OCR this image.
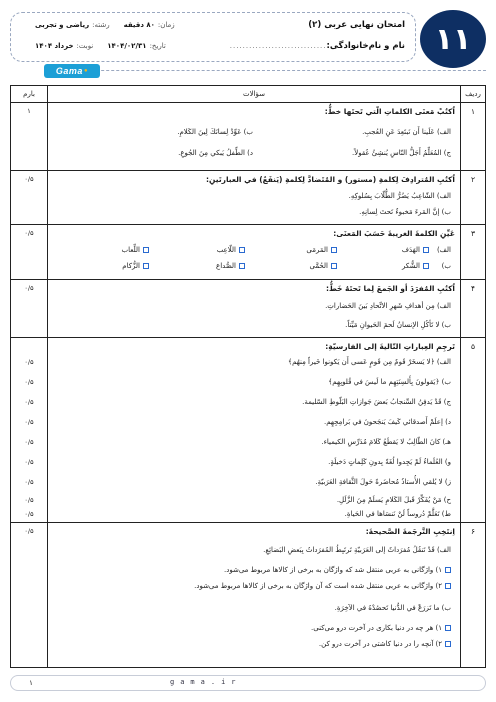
۱۱
امتحان نهایی عربی (۲)
زمان:
۸۰ دقیقه
رشته:
ریاضی و تجربی
نام و نام‌خانوادگی:
..............................
تاریخ:
۱۴۰۴/۰۲/۳۱
نوبت:
خرداد ۱۴۰۴
Gama ●
ردیف
سؤالات
بارم
۱
۱	اُكتُبْ مَعنَى الكلماتِ الّتي تَحتَها خطٌّ:
الف) عَلَينا أَن نَبتَعِدَ عَنِ العُجبِ.
ب) عَوِّدْ لِسانَكَ لِينَ الكَلامِ.
ج) المُعَلِّمُ أَجَلُّ النّاسِ يُنشِئُ عُقولاً.
د) الطِّفلُ يَبكي مِنَ الجُوعِ.
۲
۰/۵	اُكتُبِ المُترادِفَ لِكلمةِ (مستور) و المُتَضادَّ لِكلمةِ (يَنفَعُ) في العبارتَينِ:
الف) الشّاعِبُ يَضُرُّ الطُّلّابَ بِسُلوكِهِ.
ب) إنَّ المَرءَ مَخبوءٌ تَحتَ لِسانِهِ.
۳
۰/۵	عَيِّنِ الكلمةَ الغريبةَ حَسَبَ المَعنَى:
الف)
الهَدَف
المَرمَى
اللّاعِب
اللِّعاب
ب)
الشُّكر
الحُمَّى
الصُّداع
الزُّكام
۴
۰/۵	اُكتُبِ المُفرَدَ أو الجَمعَ لِما تَحتَهُ خَطٌّ:
الف) مِن أهدافِ شَهرِ الاتِّحادِ بَينَ الحَضاراتِ.
ب) لا تَأكُلِ الإنسانُ لَحمَ الحَيوانِ مَيِّتاً.
۵
تَرجِمِ العِباراتِ التّاليةَ إلى الفارسيّةِ:
الف) ﴿لا يَسخَرْ قَومٌ مِن قَومٍ عَسى أَن يَكونوا خَيراً مِنهُم﴾
۰/۵
ب) ﴿يَقولونَ بِأَلسِنَتِهِم ما لَيسَ في قُلوبِهِم﴾
۰/۵
ج) قَدْ يَدفِنُ السِّنجابُ بَعضَ جَوازاتِ البَلّوطِ السّليمة.
۰/۵
د) إعلَمْ أَصدقائي كَيفَ يَنجَحونَ في بَرامِجِهِم.
۰/۵
هـ) كانَ الطّالِبُ لا يَقطَعُ كَلامَ مُدَرِّسِ الكيمياء.
۰/۵
و) العُلَماءُ لَمْ يَجِدوا لُغَةً بِدونِ كَلِماتٍ دَخيلَةٍ.
۰/۵
ز) لا يُلقي الأُستاذُ مُحاضَرةً حَولَ الثَّقافةِ العَرَبيّةِ.
۰/۵
ح) مَنْ يُفَكِّرْ قَبلَ الكَلامِ يَسلَمْ مِنَ الزَّلَلِ.
۰/۵
ط) تَعَلَّمْ دُروساً لَنْ نَنسَاها في الحَياةِ.
۰/۵
۶
۰/۵	اِنتَخِبِ التَّرجَمةَ الصَّحيحةَ:
الف) قَدْ تَنقُلُ مُفرَداتٌ إلى العَرَبيّةِ تَرتَبِطُ المُفرَداتُ بِبَعضِ البَضائِعِ.
۱) واژگانی به عربی منتقل شد که واژگان به برخی از کالاها مربوط می‌شود.
۲) واژگانی به عربی منتقل شده است که آن واژگان به برخی از کالاها مربوط می‌شود.
ب) ما تَزرَعْ في الدُّنيا تَحصُدْهُ في الآخِرَةِ.
۱) هر چه در دنیا بکاری در آخرت درو می‌کنی.
۲) آنچه را در دنیا کاشتی در آخرت درو کن.
gama.ir
۱
